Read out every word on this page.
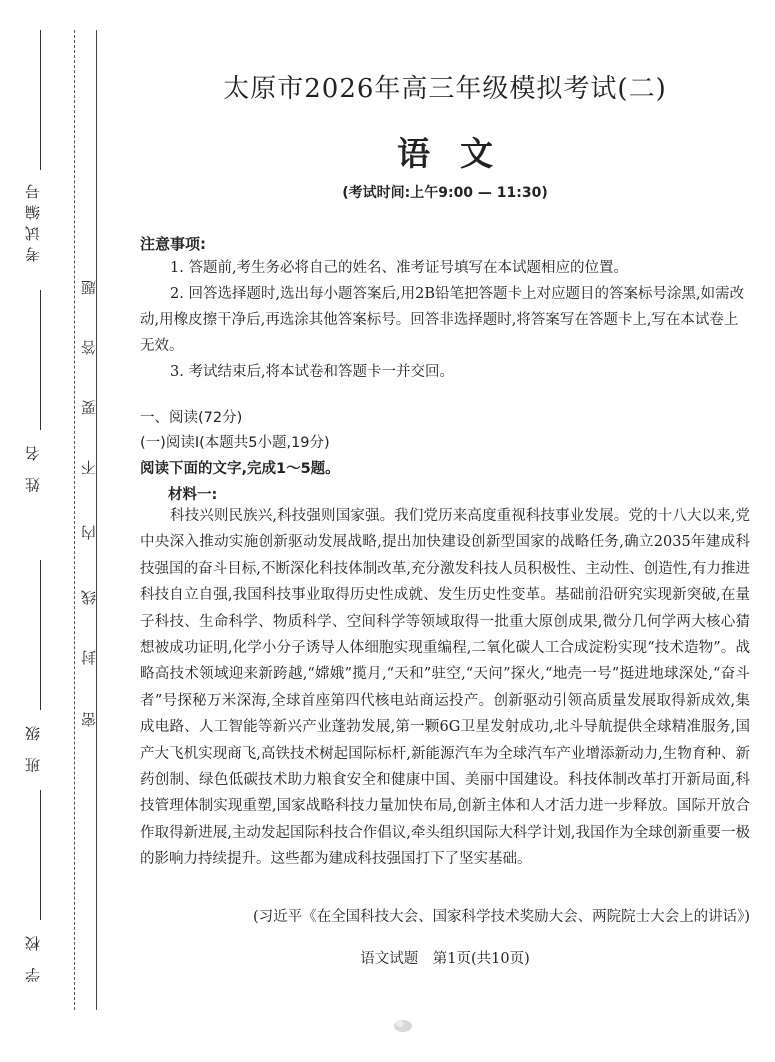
考试编号
姓 名
班 级
学 校
题
答
要
不
内
线
封
密
太原市2026年高三年级模拟考试(二)
语文
(考试时间:上午9:00 — 11:30)
注意事项:

1. 答题前,考生务必将自己的姓名、准考证号填写在本试题相应的位置。

2. 回答选择题时,选出每小题答案后,用2B铅笔把答题卡上对应题目的答案标号涂黑,如需改动,用橡皮擦干净后,再选涂其他答案标号。回答非选择题时,将答案写在答题卡上,写在本试卷上无效。

3. 考试结束后,将本试卷和答题卡一并交回。

一、阅读(72分)
(一)阅读Ⅰ(本题共5小题,19分)
阅读下面的文字,完成1～5题。
材料一:

科技兴则民族兴,科技强则国家强。我们党历来高度重视科技事业发展。党的十八大以来,党中央深入推动实施创新驱动发展战略,提出加快建设创新型国家的战略任务,确立2035年建成科技强国的奋斗目标,不断深化科技体制改革,充分激发科技人员积极性、主动性、创造性,有力推进科技自立自强,我国科技事业取得历史性成就、发生历史性变革。基础前沿研究实现新突破,在量子科技、生命科学、物质科学、空间科学等领域取得一批重大原创成果,微分几何学两大核心猜想被成功证明,化学小分子诱导人体细胞实现重编程,二氧化碳人工合成淀粉实现“技术造物”。战略高技术领域迎来新跨越,“嫦娥”揽月,“天和”驻空,“天问”探火,“地壳一号”挺进地球深处,“奋斗者”号探秘万米深海,全球首座第四代核电站商运投产。创新驱动引领高质量发展取得新成效,集成电路、人工智能等新兴产业蓬勃发展,第一颗6G卫星发射成功,北斗导航提供全球精准服务,国产大飞机实现商飞,高铁技术树起国际标杆,新能源汽车为全球汽车产业增添新动力,生物育种、新药创制、绿色低碳技术助力粮食安全和健康中国、美丽中国建设。科技体制改革打开新局面,科技管理体制实现重塑,国家战略科技力量加快布局,创新主体和人才活力进一步释放。国际开放合作取得新进展,主动发起国际科技合作倡议,牵头组织国际大科学计划,我国作为全球创新重要一极的影响力持续提升。这些都为建成科技强国打下了坚实基础。

(习近平《在全国科技大会、国家科学技术奖励大会、两院院士大会上的讲话》)
语文试题　第1页(共10页)
